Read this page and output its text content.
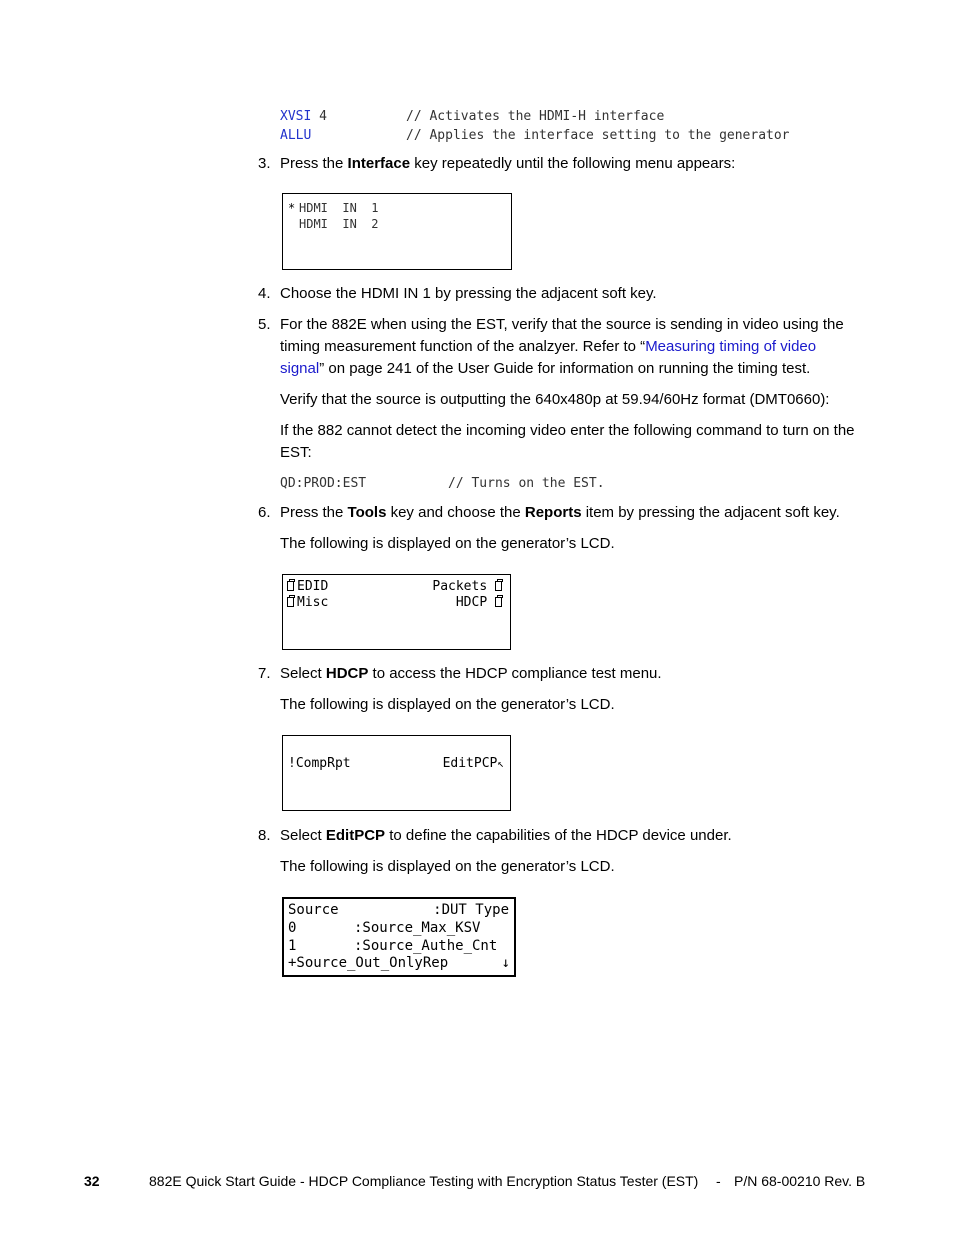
XVSI 4	// Activates the HDMI-H interface
ALLU	// Applies the interface setting to the generator
3. Press the Interface key repeatedly until the following menu appears:
* HDMI  IN  1
HDMI  IN  2
4. Choose the HDMI IN 1 by pressing the adjacent soft key.
5. For the 882E when using the EST, verify that the source is sending in video using the
timing measurement function of the analzyer. Refer to “Measuring timing of video
signal” on page 241 of the User Guide for information on running the timing test.
Verify that the source is outputting the 640x480p at 59.94/60Hz format (DMT0660):
If the 882 cannot detect the incoming video enter the following command to turn on the
EST:
QD:PROD:EST	// Turns on the EST.
6. Press the Tools key and choose the Reports item by pressing the adjacent soft key.
The following is displayed on the generator’s LCD.
EDID	Packets
Misc	HDCP
7. Select HDCP to access the HDCP compliance test menu.
The following is displayed on the generator’s LCD.
!CompRpt	EditPCP↖
8. Select EditPCP to define the capabilities of the HDCP device under.
The following is displayed on the generator’s LCD.
Source	:DUT Type
0	:Source_Max_KSV
1	:Source_Authe_Cnt
+Source_Out_OnlyRep	↓
32	882E Quick Start Guide - HDCP Compliance Testing with Encryption Status Tester (EST) - P/N 68-00210 Rev. B
